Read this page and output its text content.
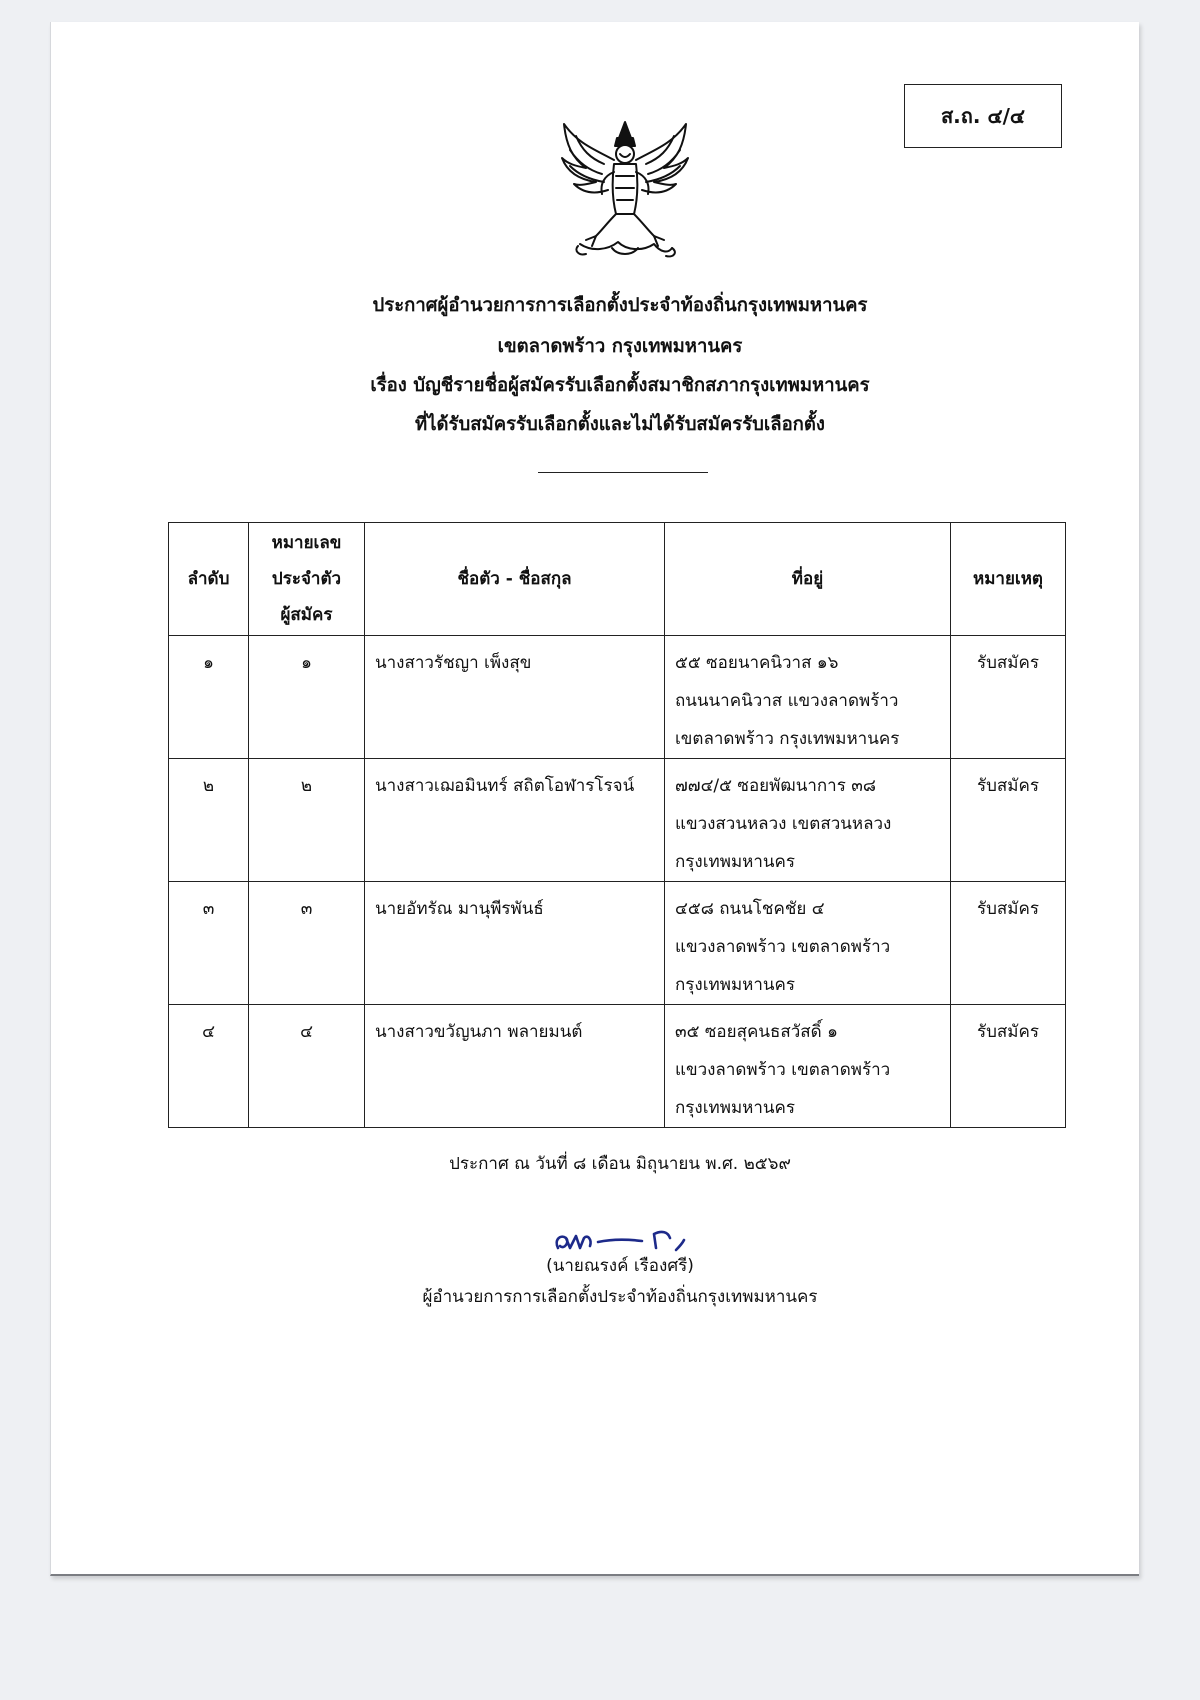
ส.ถ. ๔/๔
ประกาศผู้อำนวยการการเลือกตั้งประจำท้องถิ่นกรุงเทพมหานคร
เขตลาดพร้าว กรุงเทพมหานคร
เรื่อง บัญชีรายชื่อผู้สมัครรับเลือกตั้งสมาชิกสภากรุงเทพมหานคร
ที่ได้รับสมัครรับเลือกตั้งและไม่ได้รับสมัครรับเลือกตั้ง
ลำดับ	หมายเลข
ประจำตัว
ผู้สมัคร	ชื่อตัว - ชื่อสกุล	ที่อยู่	หมายเหตุ
๑	๑	นางสาวรัชญา เพ็งสุข	๕๕ ซอยนาคนิวาส ๑๖
ถนนนาคนิวาส แขวงลาดพร้าว
เขตลาดพร้าว กรุงเทพมหานคร	รับสมัคร
๒	๒	นางสาวเฌอมินทร์ สถิตโอฬารโรจน์	๗๗๔/๕ ซอยพัฒนาการ ๓๘
แขวงสวนหลวง เขตสวนหลวง
กรุงเทพมหานคร	รับสมัคร
๓	๓	นายอัทรัณ มานุพีรพันธ์	๔๕๘ ถนนโชคชัย ๔
แขวงลาดพร้าว เขตลาดพร้าว
กรุงเทพมหานคร	รับสมัคร
๔	๔	นางสาวขวัญนภา พลายมนต์	๓๕ ซอยสุคนธสวัสดิ์ ๑
แขวงลาดพร้าว เขตลาดพร้าว
กรุงเทพมหานคร	รับสมัคร
ประกาศ ณ วันที่ ๘ เดือน มิถุนายน พ.ศ. ๒๕๖๙
(นายณรงค์ เรืองศรี)
ผู้อำนวยการการเลือกตั้งประจำท้องถิ่นกรุงเทพมหานคร
